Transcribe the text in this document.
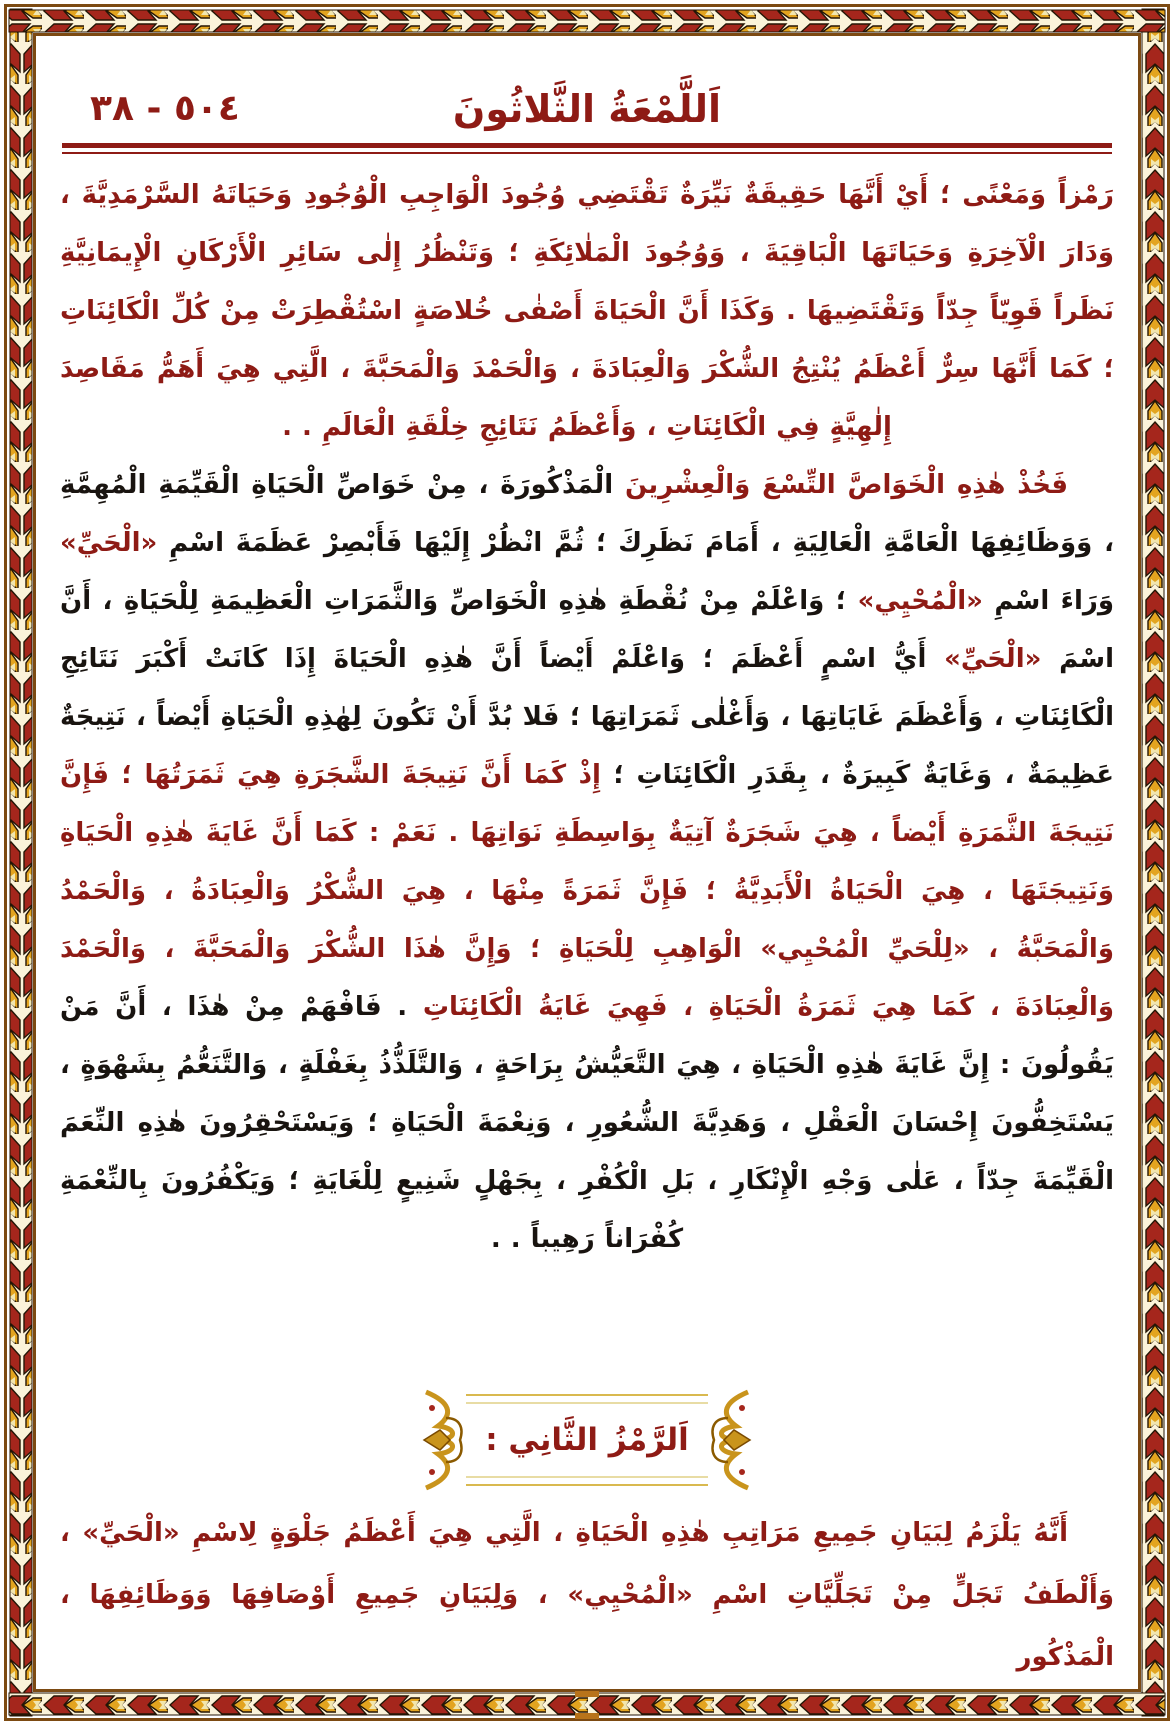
اَللَّمْعَةُ الثَّلاثُونَ
٥٠٤ - ٣٨

رَمْزاً وَمَعْنًى ؛ أَيْ أَنَّهَا حَقِيقَةٌ نَيِّرَةٌ تَقْتَضِي وُجُودَ الْوَاجِبِ الْوُجُودِ وَحَيَاتَهُ السَّرْمَدِيَّةَ ، وَدَارَ الْآخِرَةِ وَحَيَاتَهَا الْبَاقِيَةَ ، وَوُجُودَ الْمَلٰائِكَةِ ؛ وَتَنْظُرُ إِلٰى سَائِرِ الْأَرْكَانِ الْإِيمَانِيَّةِ نَظَراً قَوِيّاً جِدّاً وَتَقْتَضِيهَا . وَكَذَا أَنَّ الْحَيَاةَ أَصْفٰى خُلاصَةٍ اسْتُقْطِرَتْ مِنْ كُلِّ الْكَائِنَاتِ ؛ كَمَا أَنَّهَا سِرٌّ أَعْظَمُ يُنْتِجُ الشُّكْرَ وَالْعِبَادَةَ ، وَالْحَمْدَ وَالْمَحَبَّةَ ، الَّتِي هِيَ أَهَمُّ مَقَاصِدَ إِلٰهِيَّةٍ فِي الْكَائِنَاتِ ، وَأَعْظَمُ نَتَائِجِ خِلْقَةِ الْعَالَمِ . .

فَخُذْ هٰذِهِ الْخَوَاصَّ التِّسْعَ وَالْعِشْرِينَ الْمَذْكُورَةَ ، مِنْ خَوَاصِّ الْحَيَاةِ الْقَيِّمَةِ الْمُهِمَّةِ ، وَوَظَائِفِهَا الْعَامَّةِ الْعَالِيَةِ ، أَمَامَ نَظَرِكَ ؛ ثُمَّ انْظُرْ إِلَيْهَا فَأَبْصِرْ عَظَمَةَ اسْمِ «الْحَيِّ» وَرَاءَ اسْمِ «الْمُحْيِي» ؛ وَاعْلَمْ مِنْ نُقْطَةِ هٰذِهِ الْخَوَاصِّ وَالثَّمَرَاتِ الْعَظِيمَةِ لِلْحَيَاةِ ، أَنَّ اسْمَ «الْحَيِّ» أَيُّ اسْمٍ أَعْظَمَ ؛ وَاعْلَمْ أَيْضاً أَنَّ هٰذِهِ الْحَيَاةَ إِذَا كَانَتْ أَكْبَرَ نَتَائِجِ الْكَائِنَاتِ ، وَأَعْظَمَ غَايَاتِهَا ، وَأَغْلٰى ثَمَرَاتِهَا ؛ فَلا بُدَّ أَنْ تَكُونَ لِهٰذِهِ الْحَيَاةِ أَيْضاً ، نَتِيجَةٌ عَظِيمَةٌ ، وَغَايَةٌ كَبِيرَةٌ ، بِقَدَرِ الْكَائِنَاتِ ؛ إِذْ كَمَا أَنَّ نَتِيجَةَ الشَّجَرَةِ هِيَ ثَمَرَتُهَا ؛ فَإِنَّ نَتِيجَةَ الثَّمَرَةِ أَيْضاً ، هِيَ شَجَرَةٌ آتِيَةٌ بِوَاسِطَةِ نَوَاتِهَا . نَعَمْ : كَمَا أَنَّ غَايَةَ هٰذِهِ الْحَيَاةِ وَنَتِيجَتَهَا ، هِيَ الْحَيَاةُ الْأَبَدِيَّةُ ؛ فَإِنَّ ثَمَرَةً مِنْهَا ، هِيَ الشُّكْرُ وَالْعِبَادَةُ ، وَالْحَمْدُ وَالْمَحَبَّةُ ، «لِلْحَيِّ الْمُحْيِي» الْوَاهِبِ لِلْحَيَاةِ ؛ وَإِنَّ هٰذَا الشُّكْرَ وَالْمَحَبَّةَ ، وَالْحَمْدَ وَالْعِبَادَةَ ، كَمَا هِيَ ثَمَرَةُ الْحَيَاةِ ، فَهِيَ غَايَةُ الْكَائِنَاتِ . فَافْهَمْ مِنْ هٰذَا ، أَنَّ مَنْ يَقُولُونَ : إِنَّ غَايَةَ هٰذِهِ الْحَيَاةِ ، هِيَ التَّعَيُّشُ بِرَاحَةٍ ، وَالتَّلَذُّذُ بِغَفْلَةٍ ، وَالتَّنَعُّمُ بِشَهْوَةٍ ، يَسْتَخِفُّونَ إِحْسَانَ الْعَقْلِ ، وَهَدِيَّةَ الشُّعُورِ ، وَنِعْمَةَ الْحَيَاةِ ؛ وَيَسْتَحْقِرُونَ هٰذِهِ النِّعَمَ الْقَيِّمَةَ جِدّاً ، عَلٰى وَجْهِ الْإِنْكَارِ ، بَلِ الْكُفْرِ ، بِجَهْلٍ شَنِيعٍ لِلْغَايَةِ ؛ وَيَكْفُرُونَ بِالنِّعْمَةِ كُفْرَاناً رَهِيباً . .

اَلرَّمْزُ الثَّانِي :

أَنَّهُ يَلْزَمُ لِبَيَانِ جَمِيعِ مَرَاتِبِ هٰذِهِ الْحَيَاةِ ، الَّتِي هِيَ أَعْظَمُ جَلْوَةٍ لِاسْمِ «الْحَيِّ» ، وَأَلْطَفُ تَجَلٍّ مِنْ تَجَلِّيَّاتِ اسْمِ «الْمُحْيِي» ، وَلِبَيَانِ جَمِيعِ أَوْصَافِهَا وَوَظَائِفِهَا ، الْمَذْكُور
